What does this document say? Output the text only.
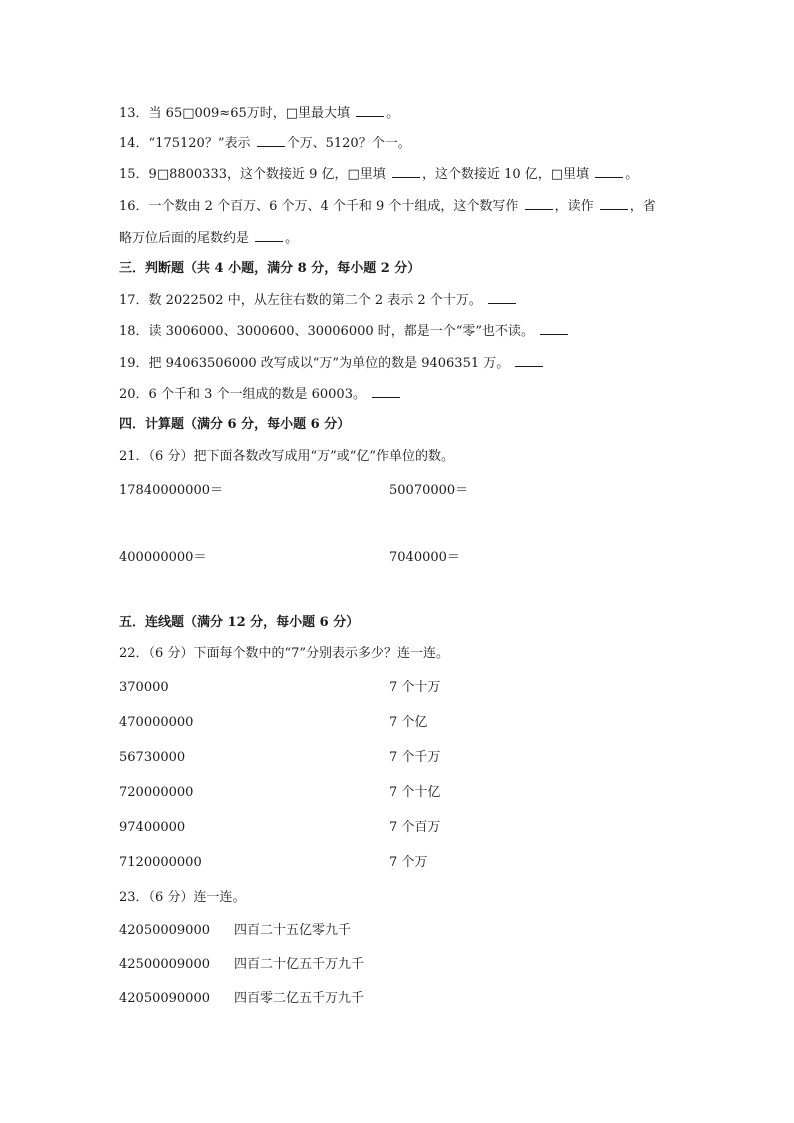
13．当 65□009≈65万时，□里最大填	。
14．“175120？”表示	个万、5120？个一。
15．9□8800333，这个数接近 9 亿，□里填	，这个数接近 10 亿，□里填	。
16．一个数由 2 个百万、6 个万、4 个千和 9 个十组成，这个数写作	，读作	，省
略万位后面的尾数约是	。
三．判断题（共 4 小题，满分 8 分，每小题 2 分）
17．数 2022502 中，从左往右数的第二个 2 表示 2 个十万。
18．读 3006000、3000600、30006000 时，都是一个“零”也不读。
19．把 94063506000 改写成以“万”为单位的数是 9406351 万。
20．6 个千和 3 个一组成的数是 60003。
四．计算题（满分 6 分，每小题 6 分）
21．（6 分）把下面各数改写成用“万”或“亿”作单位的数。
17840000000＝	50070000＝
400000000＝	7040000＝
五．连线题（满分 12 分，每小题 6 分）
22．（6 分）下面每个数中的“7”分别表示多少？连一连。
370000	7 个十万
470000000	7 个亿
56730000	7 个千万
720000000	7 个十亿
97400000	7 个百万
7120000000	7 个万
23．（6 分）连一连。
42050009000 四百二十五亿零九千
42500009000 四百二十亿五千万九千
42050090000 四百零二亿五千万九千
